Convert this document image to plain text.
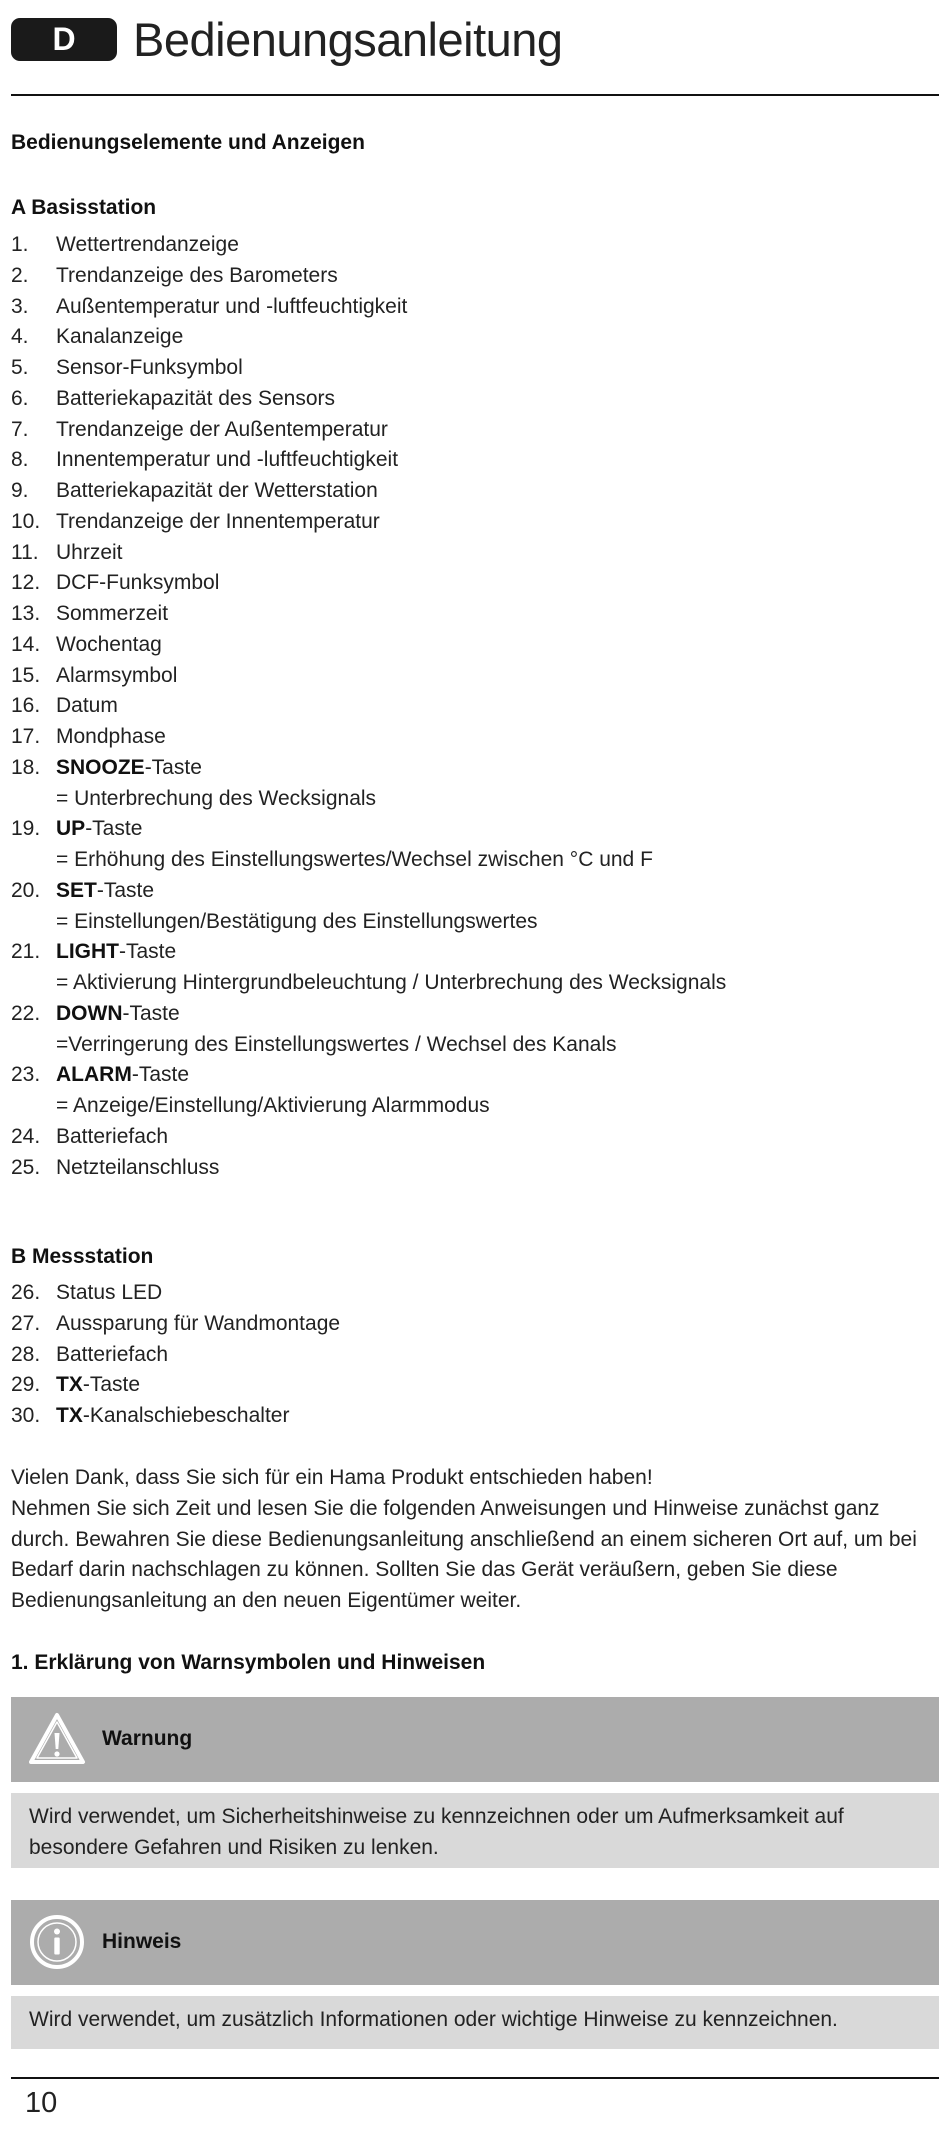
D	Bedienungsanleitung
Bedienungselemente und Anzeigen
A Basisstation
1. Wettertrendanzeige
2. Trendanzeige des Barometers
3. Außentemperatur und -luftfeuchtigkeit
4. Kanalanzeige
5. Sensor-Funksymbol
6. Batteriekapazität des Sensors
7. Trendanzeige der Außentemperatur
8. Innentemperatur und -luftfeuchtigkeit
9. Batteriekapazität der Wetterstation
10. Trendanzeige der Innentemperatur
11. Uhrzeit
12. DCF-Funksymbol
13. Sommerzeit
14. Wochentag
15. Alarmsymbol
16. Datum
17. Mondphase
18. SNOOZE-Taste
= Unterbrechung des Wecksignals
19. UP-Taste
= Erhöhung des Einstellungswertes/Wechsel zwischen °C und F
20. SET-Taste
= Einstellungen/Bestätigung des Einstellungswertes
21. LIGHT-Taste
= Aktivierung Hintergrundbeleuchtung / Unterbrechung des Wecksignals
22. DOWN-Taste
=Verringerung des Einstellungswertes / Wechsel des Kanals
23. ALARM-Taste
= Anzeige/Einstellung/Aktivierung Alarmmodus
24. Batteriefach
25. Netzteilanschluss
B Messstation
26. Status LED
27. Aussparung für Wandmontage
28. Batteriefach
29. TX-Taste
30. TX-Kanalschiebeschalter

Vielen Dank, dass Sie sich für ein Hama Produkt entschieden haben!

Nehmen Sie sich Zeit und lesen Sie die folgenden Anweisungen und Hinweise zunächst ganz durch. Bewahren Sie diese Bedienungsanleitung anschließend an einem sicheren Ort auf, um bei Bedarf darin nachschlagen zu können. Sollten Sie das Gerät veräußern, geben Sie diese Bedienungsanleitung an den neuen Eigentümer weiter.

1. Erklärung von Warnsymbolen und Hinweisen
Warnung
Wird verwendet, um Sicherheitshinweise zu kennzeichnen oder um Aufmerksamkeit auf besondere Gefahren und Risiken zu lenken.
Hinweis
Wird verwendet, um zusätzlich Informationen oder wichtige Hinweise zu kennzeichnen.
10
